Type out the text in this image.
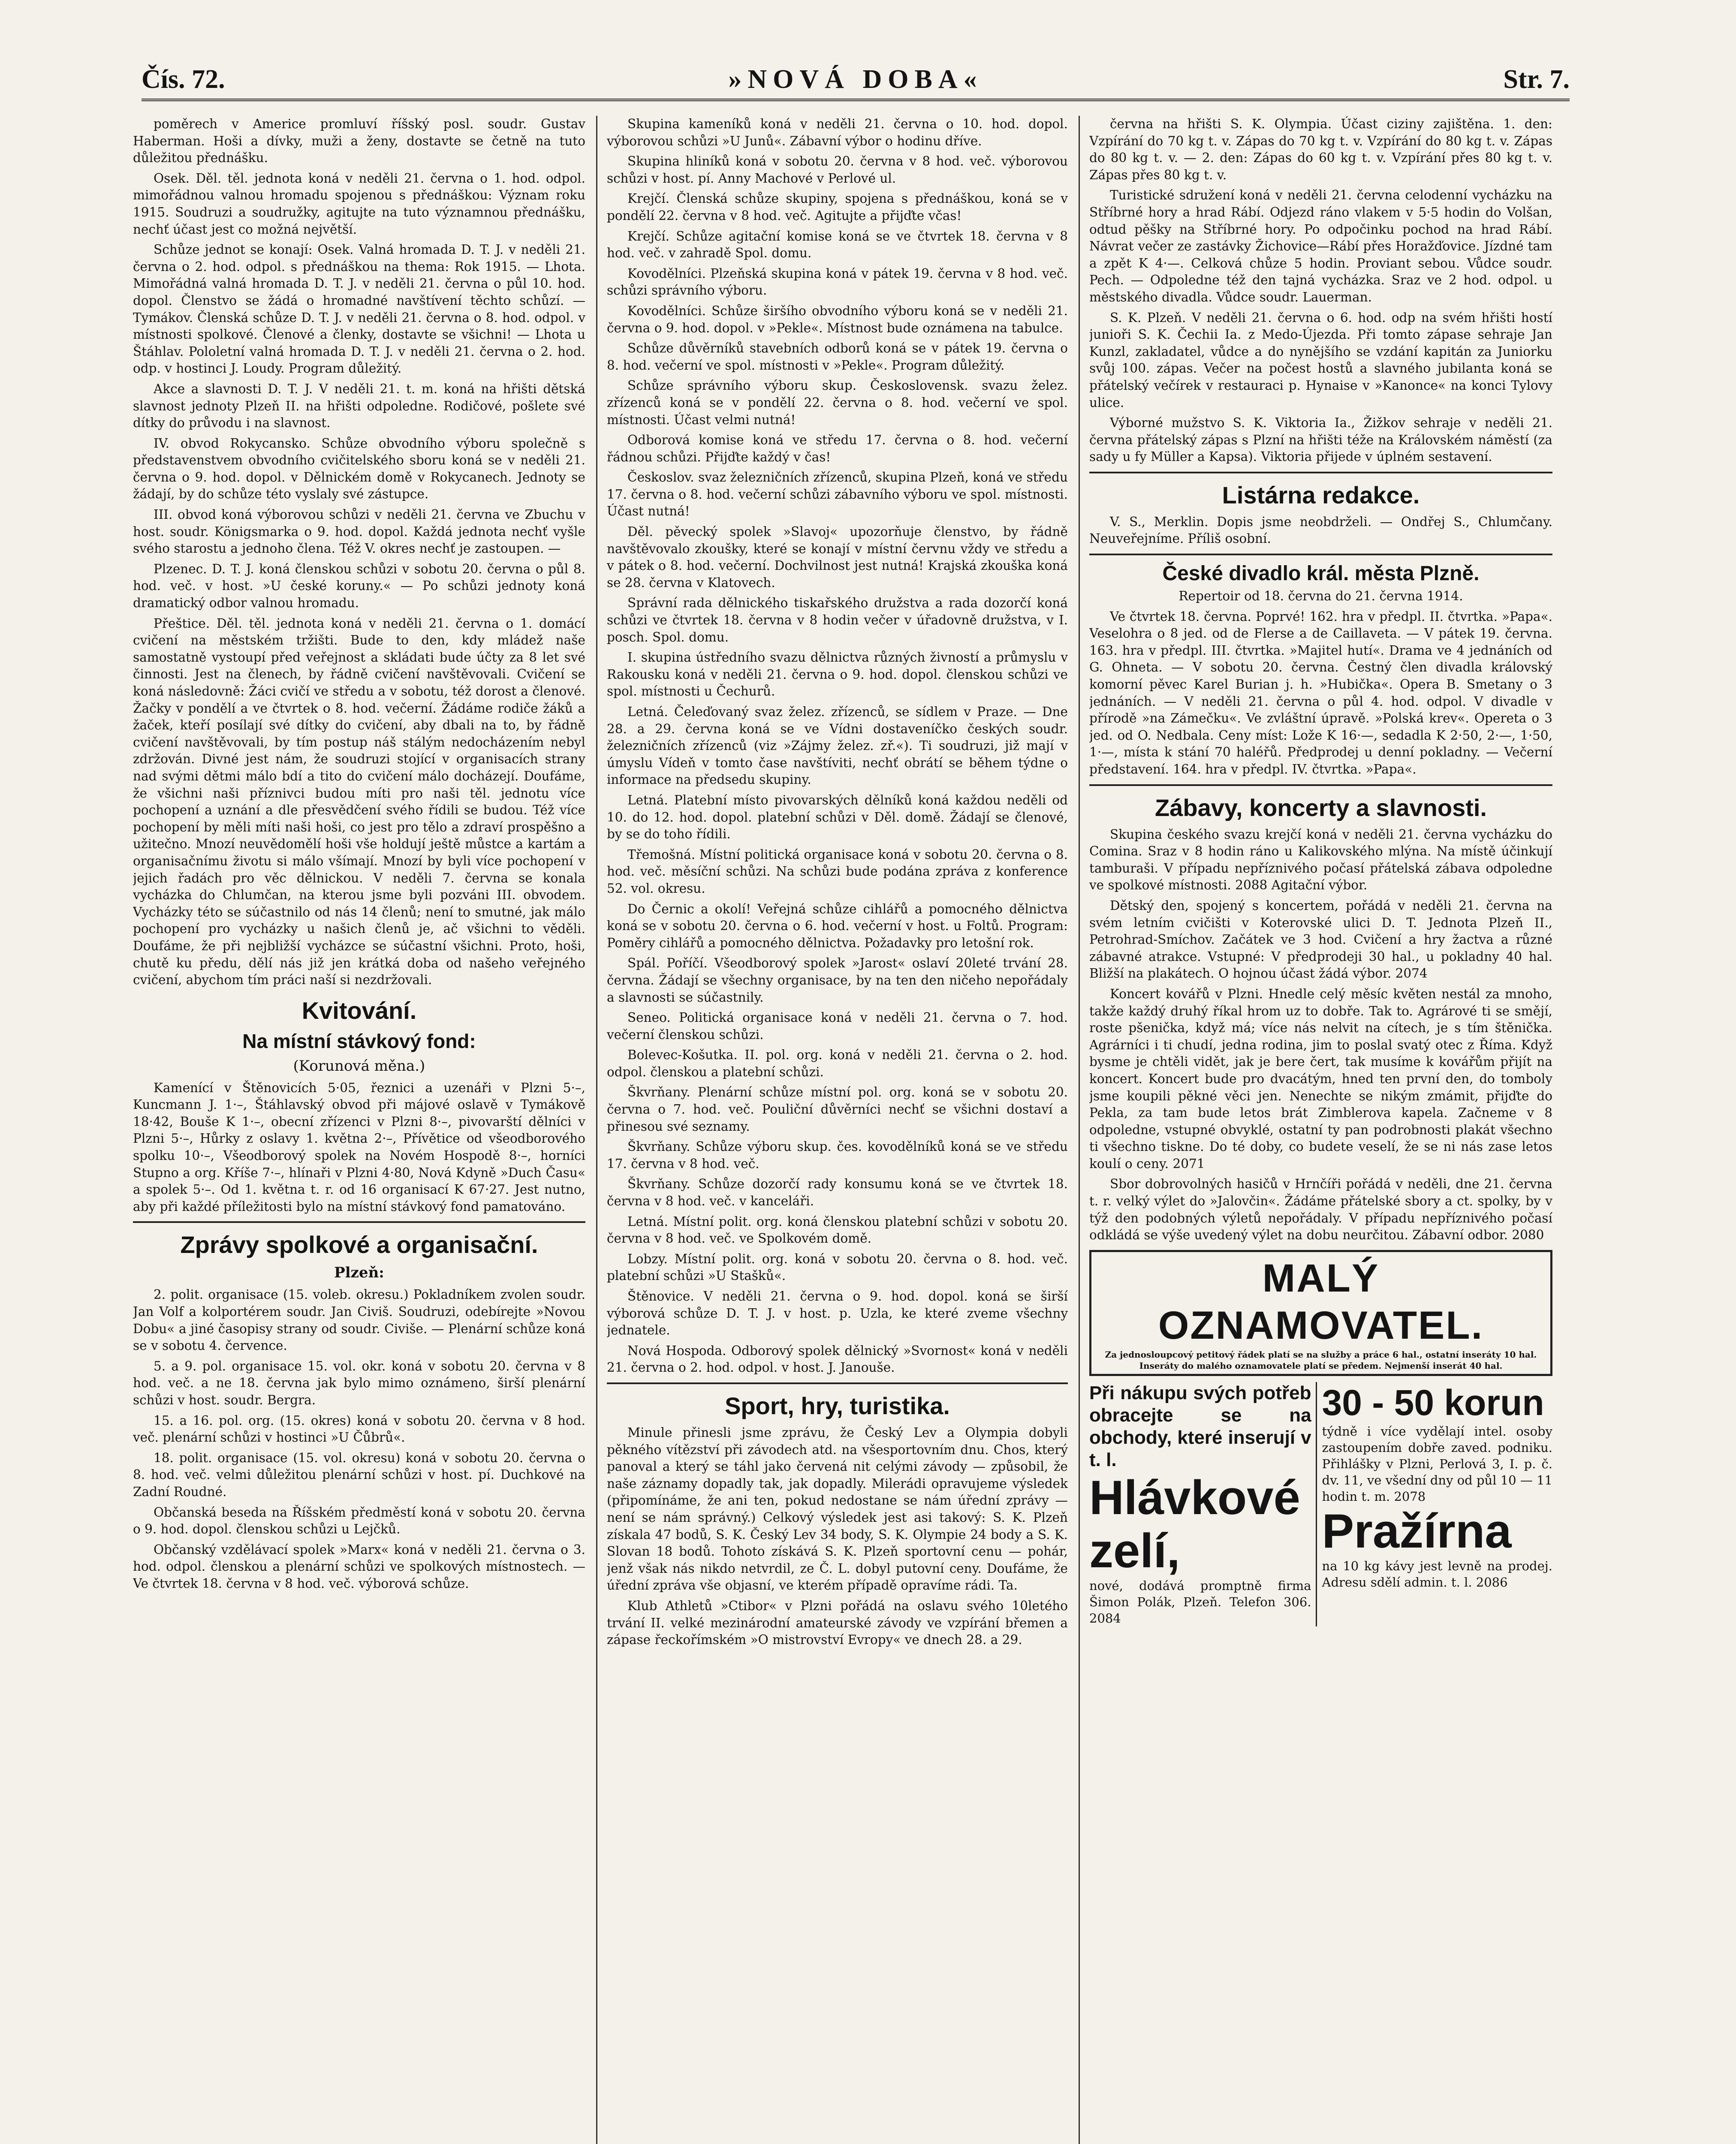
Čís. 72.	»NOVÁ DOBA«	Str. 7.

poměrech v Americe promluví říšský posl. soudr. Gustav Haberman. Hoši a dívky, muži a ženy, dostavte se četně na tuto důležitou přednášku.

Osek. Děl. těl. jednota koná v neděli 21. června o 1. hod. odpol. mimořádnou valnou hromadu spojenou s přednáškou: Význam roku 1915. Soudruzi a soudružky, agitujte na tuto významnou přednášku, nechť účast jest co možná největší.

Schůze jednot se konají: Osek. Valná hromada D. T. J. v neděli 21. června o 2. hod. odpol. s přednáškou na thema: Rok 1915. — Lhota. Mimořádná valná hromada D. T. J. v neděli 21. června o půl 10. hod. dopol. Členstvo se žádá o hromadné navštívení těchto schůzí. — Tymákov. Členská schůze D. T. J. v neděli 21. června o 8. hod. odpol. v místnosti spolkové. Členové a členky, dostavte se všichni! — Lhota u Štáhlav. Pololetní valná hromada D. T. J. v neděli 21. června o 2. hod. odp. v hostinci J. Loudy. Program důležitý.

Akce a slavnosti D. T. J. V neděli 21. t. m. koná na hřišti dětská slavnost jednoty Plzeň II. na hřišti odpoledne. Rodičové, pošlete své dítky do průvodu i na slavnost.

IV. obvod Rokycansko. Schůze obvodního výboru společně s představenstvem obvodního cvičitelského sboru koná se v neděli 21. června o 9. hod. dopol. v Dělnickém domě v Rokycanech. Jednoty se žádají, by do schůze této vyslaly své zástupce.

III. obvod koná výborovou schůzi v neděli 21. června ve Zbuchu v host. soudr. Königsmarka o 9. hod. dopol. Každá jednota nechť vyšle svého starostu a jednoho člena. Též V. okres nechť je zastoupen. —

Plzenec. D. T. J. koná členskou schůzi v sobotu 20. června o půl 8. hod. več. v host. »U české koruny.« — Po schůzi jednoty koná dramatický odbor valnou hromadu.

Přeštice. Děl. těl. jednota koná v neděli 21. června o 1. domácí cvičení na městském tržišti. Bude to den, kdy mládež naše samostatně vystoupí před veřejnost a skládati bude účty za 8 let své činnosti. Jest na členech, by řádně cvičení navštěvovali. Cvičení se koná následovně: Žáci cvičí ve středu a v sobotu, též dorost a členové. Žačky v pondělí a ve čtvrtek o 8. hod. večerní. Žádáme rodiče žáků a žaček, kteří posílají své dítky do cvičení, aby dbali na to, by řádně cvičení navštěvovali, by tím postup náš stálým nedocházením nebyl zdržován. Divné jest nám, že soudruzi stojící v organisacích strany nad svými dětmi málo bdí a tito do cvičení málo docházejí. Doufáme, že všichni naši příznivci budou míti pro naši těl. jednotu více pochopení a uznání a dle přesvědčení svého řídili se budou. Též více pochopení by měli míti naši hoši, co jest pro tělo a zdraví prospěšno a užitečno. Mnozí neuvědomělí hoši vše holdují ještě můstce a kartám a organisačnímu životu si málo všímají. Mnozí by byli více pochopení v jejich řadách pro věc dělnickou. V neděli 7. června se konala vycházka do Chlumčan, na kterou jsme byli pozváni III. obvodem. Vycházky této se súčastnilo od nás 14 členů; není to smutné, jak málo pochopení pro vycházky u našich členů je, ač všichni to věděli. Doufáme, že při nejbližší vycházce se súčastní všichni. Proto, hoši, chutě ku předu, dělí nás již jen krátká doba od našeho veřejného cvičení, abychom tím práci naší si nezdržovali.

Kvitování.
Na místní stávkový fond:
(Korunová měna.)

Kamenící v Štěnovicích 5·05, řeznici a uzenáři v Plzni 5·–, Kuncmann J. 1·–, Štáhlavský obvod při májové oslavě v Tymákově 18·42, Bouše K 1·–, obecní zřízenci v Plzni 8·–, pivovarští dělníci v Plzni 5·–, Hůrky z oslavy 1. května 2·–, Přívětice od všeodborového spolku 10·–, Všeodborový spolek na Novém Hospodě 8·–, horníci Stupno a org. Kříše 7·–, hlínaři v Plzni 4·80, Nová Kdyně »Duch Času« a spolek 5·–. Od 1. května t. r. od 16 organisací K 67·27. Jest nutno, aby při každé příležitosti bylo na místní stávkový fond pamatováno.

Zprávy spolkové a organisační.
Plzeň:

2. polit. organisace (15. voleb. okresu.) Pokladníkem zvolen soudr. Jan Volf a kolportérem soudr. Jan Civiš. Soudruzi, odebírejte »Novou Dobu« a jiné časopisy strany od soudr. Civiše. — Plenární schůze koná se v sobotu 4. července.

5. a 9. pol. organisace 15. vol. okr. koná v sobotu 20. června v 8 hod. več. a ne 18. června jak bylo mimo oznámeno, širší plenární schůzi v host. soudr. Bergra.

15. a 16. pol. org. (15. okres) koná v sobotu 20. června v 8 hod. več. plenární schůzi v hostinci »U Čůbrů«.

18. polit. organisace (15. vol. okresu) koná v sobotu 20. června o 8. hod. več. velmi důležitou plenární schůzi v host. pí. Duchkové na Zadní Roudné.

Občanská beseda na Říšském předměstí koná v sobotu 20. června o 9. hod. dopol. členskou schůzi u Lejčků.

Občanský vzdělávací spolek »Marx« koná v neděli 21. června o 3. hod. odpol. členskou a plenární schůzi ve spolkových místnostech. — Ve čtvrtek 18. června v 8 hod. več. výborová schůze.

Skupina kameníků koná v neděli 21. června o 10. hod. dopol. výborovou schůzi »U Junů«. Zábavní výbor o hodinu dříve.

Skupina hliníků koná v sobotu 20. června v 8 hod. več. výborovou schůzi v host. pí. Anny Machové v Perlové ul.

Krejčí. Členská schůze skupiny, spojena s přednáškou, koná se v pondělí 22. června v 8 hod. več. Agitujte a přijďte včas!

Krejčí. Schůze agitační komise koná se ve čtvrtek 18. června v 8 hod. več. v zahradě Spol. domu.

Kovodělníci. Plzeňská skupina koná v pátek 19. června v 8 hod. več. schůzi správního výboru.

Kovodělníci. Schůze širšího obvodního výboru koná se v neděli 21. června o 9. hod. dopol. v »Pekle«. Místnost bude oznámena na tabulce.

Schůze důvěrníků stavebních odborů koná se v pátek 19. června o 8. hod. večerní ve spol. místnosti v »Pekle«. Program důležitý.

Schůze správního výboru skup. Československ. svazu želez. zřízenců koná se v pondělí 22. června o 8. hod. večerní ve spol. místnosti. Účast velmi nutná!

Odborová komise koná ve středu 17. června o 8. hod. večerní řádnou schůzi. Přijďte každý v čas!

Českoslov. svaz železničních zřízenců, skupina Plzeň, koná ve středu 17. června o 8. hod. večerní schůzi zábavního výboru ve spol. místnosti. Účast nutná!

Děl. pěvecký spolek »Slavoj« upozorňuje členstvo, by řádně navštěvovalo zkoušky, které se konají v místní červnu vždy ve středu a v pátek o 8. hod. večerní. Dochvilnost jest nutná! Krajská zkouška koná se 28. června v Klatovech.

Správní rada dělnického tiskařského družstva a rada dozorčí koná schůzi ve čtvrtek 18. června v 8 hodin večer v úřadovně družstva, v I. posch. Spol. domu.

I. skupina ústředního svazu dělnictva různých živností a průmyslu v Rakousku koná v neděli 21. června o 9. hod. dopol. členskou schůzi ve spol. místnosti u Čechurů.

Letná. Čeleďovaný svaz želez. zřízenců, se sídlem v Praze. — Dne 28. a 29. června koná se ve Vídni dostaveníčko českých soudr. železničních zřízenců (viz »Zájmy želez. zř.«). Ti soudruzi, již mají v úmyslu Vídeň v tomto čase navštíviti, nechť obrátí se během týdne o informace na předsedu skupiny.

Letná. Platební místo pivovarských dělníků koná každou neděli od 10. do 12. hod. dopol. platební schůzi v Děl. domě. Žádají se členové, by se do toho řídili.

Třemošná. Místní politická organisace koná v sobotu 20. června o 8. hod. več. měsíční schůzi. Na schůzi bude podána zpráva z konference 52. vol. okresu.

Do Černic a okolí! Veřejná schůze cihlářů a pomocného dělnictva koná se v sobotu 20. června o 6. hod. večerní v host. u Foltů. Program: Poměry cihlářů a pomocného dělnictva. Požadavky pro letošní rok.

Spál. Poříčí. Všeodborový spolek »Jarost« oslaví 20leté trvání 28. června. Žádají se všechny organisace, by na ten den ničeho nepořádaly a slavnosti se súčastnily.

Seneo. Politická organisace koná v neděli 21. června o 7. hod. večerní členskou schůzi.

Bolevec-Košutka. II. pol. org. koná v neděli 21. června o 2. hod. odpol. členskou a platební schůzi.

Škvrňany. Plenární schůze místní pol. org. koná se v sobotu 20. června o 7. hod. več. Pouliční důvěrníci nechť se všichni dostaví a přinesou své seznamy.

Škvrňany. Schůze výboru skup. čes. kovodělníků koná se ve středu 17. června v 8 hod. več.

Škvrňany. Schůze dozorčí rady konsumu koná se ve čtvrtek 18. června v 8 hod. več. v kanceláři.

Letná. Místní polit. org. koná členskou platební schůzi v sobotu 20. června v 8 hod. več. ve Spolkovém domě.

Lobzy. Místní polit. org. koná v sobotu 20. června o 8. hod. več. platební schůzi »U Stašků«.

Štěnovice. V neděli 21. června o 9. hod. dopol. koná se širší výborová schůze D. T. J. v host. p. Uzla, ke které zveme všechny jednatele.

Nová Hospoda. Odborový spolek dělnický »Svornost« koná v neděli 21. června o 2. hod. odpol. v host. J. Janouše.

Sport, hry, turistika.

Minule přinesli jsme zprávu, že Český Lev a Olympia dobyli pěkného vítězství při závodech atd. na všesportovním dnu. Chos, který panoval a který se táhl jako červená nit celými závody — způsobil, že naše záznamy dopadly tak, jak dopadly. Milerádi opravujeme výsledek (připomínáme, že ani ten, pokud nedostane se nám úřední zprávy — není se nám správný.) Celkový výsledek jest asi takový: S. K. Plzeň získala 47 bodů, S. K. Český Lev 34 body, S. K. Olympie 24 body a S. K. Slovan 18 bodů. Tohoto získává S. K. Plzeň sportovní cenu — pohár, jenž však nás nikdo netvrdil, ze Č. L. dobyl putovní ceny. Doufáme, že úřední zpráva vše objasní, ve kterém případě opravíme rádi. Ta.

Klub Athletů »Ctibor« v Plzni pořádá na oslavu svého 10letého trvání II. velké mezinárodní amateurské závody ve vzpírání břemen a zápase řeckořímském »O mistrovství Evropy« ve dnech 28. a 29.

června na hřišti S. K. Olympia. Účast ciziny zajištěna. 1. den: Vzpírání do 70 kg t. v. Zápas do 70 kg t. v. Vzpírání do 80 kg t. v. Zápas do 80 kg t. v. — 2. den: Zápas do 60 kg t. v. Vzpírání přes 80 kg t. v. Zápas přes 80 kg t. v.

Turistické sdružení koná v neděli 21. června celodenní vycházku na Stříbrné hory a hrad Rábí. Odjezd ráno vlakem v 5·5 hodin do Volšan, odtud pěšky na Stříbrné hory. Po odpočinku pochod na hrad Rábí. Návrat večer ze zastávky Žichovice—Rábí přes Horažďovice. Jízdné tam a zpět K 4·—. Celková chůze 5 hodin. Proviant sebou. Vůdce soudr. Pech. — Odpoledne též den tajná vycházka. Sraz ve 2 hod. odpol. u městského divadla. Vůdce soudr. Lauerman.

S. K. Plzeň. V neděli 21. června o 6. hod. odp na svém hřišti hostí junioři S. K. Čechii Ia. z Medo-Újezda. Při tomto zápase sehraje Jan Kunzl, zakladatel, vůdce a do nynějšího se vzdání kapitán za Juniorku svůj 100. zápas. Večer na počest hostů a slavného jubilanta koná se přátelský večírek v restauraci p. Hynaise v »Kanonce« na konci Tylovy ulice.

Výborné mužstvo S. K. Viktoria Ia., Žižkov sehraje v neděli 21. června přátelský zápas s Plzní na hřišti téže na Královském náměstí (za sady u fy Müller a Kapsa). Viktoria přijede v úplném sestavení.

Listárna redakce.

V. S., Merklin. Dopis jsme neobdrželi. — Ondřej S., Chlumčany. Neuveřejníme. Příliš osobní.

České divadlo král. města Plzně.

Repertoir od 18. června do 21. června 1914.

Ve čtvrtek 18. června. Poprvé! 162. hra v předpl. II. čtvrtka. »Papa«. Veselohra o 8 jed. od de Flerse a de Caillaveta. — V pátek 19. června. 163. hra v předpl. III. čtvrtka. »Majitel hutí«. Drama ve 4 jednáních od G. Ohneta. — V sobotu 20. června. Čestný člen divadla královský komorní pěvec Karel Burian j. h. »Hubička«. Opera B. Smetany o 3 jednáních. — V neděli 21. června o půl 4. hod. odpol. V divadle v přírodě »na Zámečku«. Ve zvláštní úpravě. »Polská krev«. Opereta o 3 jed. od O. Nedbala. Ceny míst: Lože K 16·—, sedadla K 2·50, 2·—, 1·50, 1·—, místa k stání 70 haléřů. Předprodej u denní pokladny. — Večerní představení. 164. hra v předpl. IV. čtvrtka. »Papa«.

Zábavy, koncerty a slavnosti.

Skupina českého svazu krejčí koná v neděli 21. června vycházku do Comina. Sraz v 8 hodin ráno u Kalikovského mlýna. Na místě účinkují tamburaši. V případu nepříznivého počasí přátelská zábava odpoledne ve spolkové místnosti. 2088 Agitační výbor.

Dětský den, spojený s koncertem, pořádá v neděli 21. června na svém letním cvičišti v Koterovské ulici D. T. Jednota Plzeň II., Petrohrad-Smíchov. Začátek ve 3 hod. Cvičení a hry žactva a různé zábavné atrakce. Vstupné: V předprodeji 30 hal., u pokladny 40 hal. Bližší na plakátech. O hojnou účast žádá výbor. 2074

Koncert kovářů v Plzni. Hnedle celý měsíc květen nestál za mnoho, takže každý druhý říkal hrom uz to dobře. Tak to. Agrárové ti se smějí, roste pšenička, když má; více nás nelvit na cítech, je s tím štěnička. Agrárníci i ti chudí, jedna rodina, jim to poslal svatý otec z Říma. Když bysme je chtěli vidět, jak je bere čert, tak musíme k kovářům přijít na koncert. Koncert bude pro dvacátým, hned ten první den, do tomboly jsme koupili pěkné věci jen. Nenechte se nikým zmámit, přijďte do Pekla, za tam bude letos brát Zimblerova kapela. Začneme v 8 odpoledne, vstupné obvyklé, ostatní ty pan podrobnosti plakát všechno ti všechno tiskne. Do té doby, co budete veselí, že se ni nás zase letos koulí o ceny. 2071

Sbor dobrovolných hasičů v Hrnčíři pořádá v neděli, dne 21. června t. r. velký výlet do »Jalovčin«. Žádáme přátelské sbory a ct. spolky, by v týž den podobných výletů nepořádaly. V případu nepříznivého počasí odkládá se výše uvedený výlet na dobu neurčitou. Zábavní odbor. 2080

MALÝ OZNAMOVATEL.
Za jednosloupcový petitový řádek platí se na služby a práce 6 hal., ostatní inseráty 10 hal. Inseráty do malého oznamovatele platí se předem. Nejmenší inserát 40 hal.
Při nákupu svých potřeb obracejte se na obchody, které inserují v t. l.
Hlávkové zelí,
nové, dodává promptně firma Šimon Polák, Plzeň. Telefon 306. 2084
30 - 50 korun
týdně i více vydělají intel. osoby zastoupením dobře zaved. podniku. Přihlášky v Plzni, Perlová 3, I. p. č. dv. 11, ve všední dny od půl 10 — 11 hodin t. m. 2078
Pražírna
na 10 kg kávy jest levně na prodej. Adresu sdělí admin. t. l. 2086
